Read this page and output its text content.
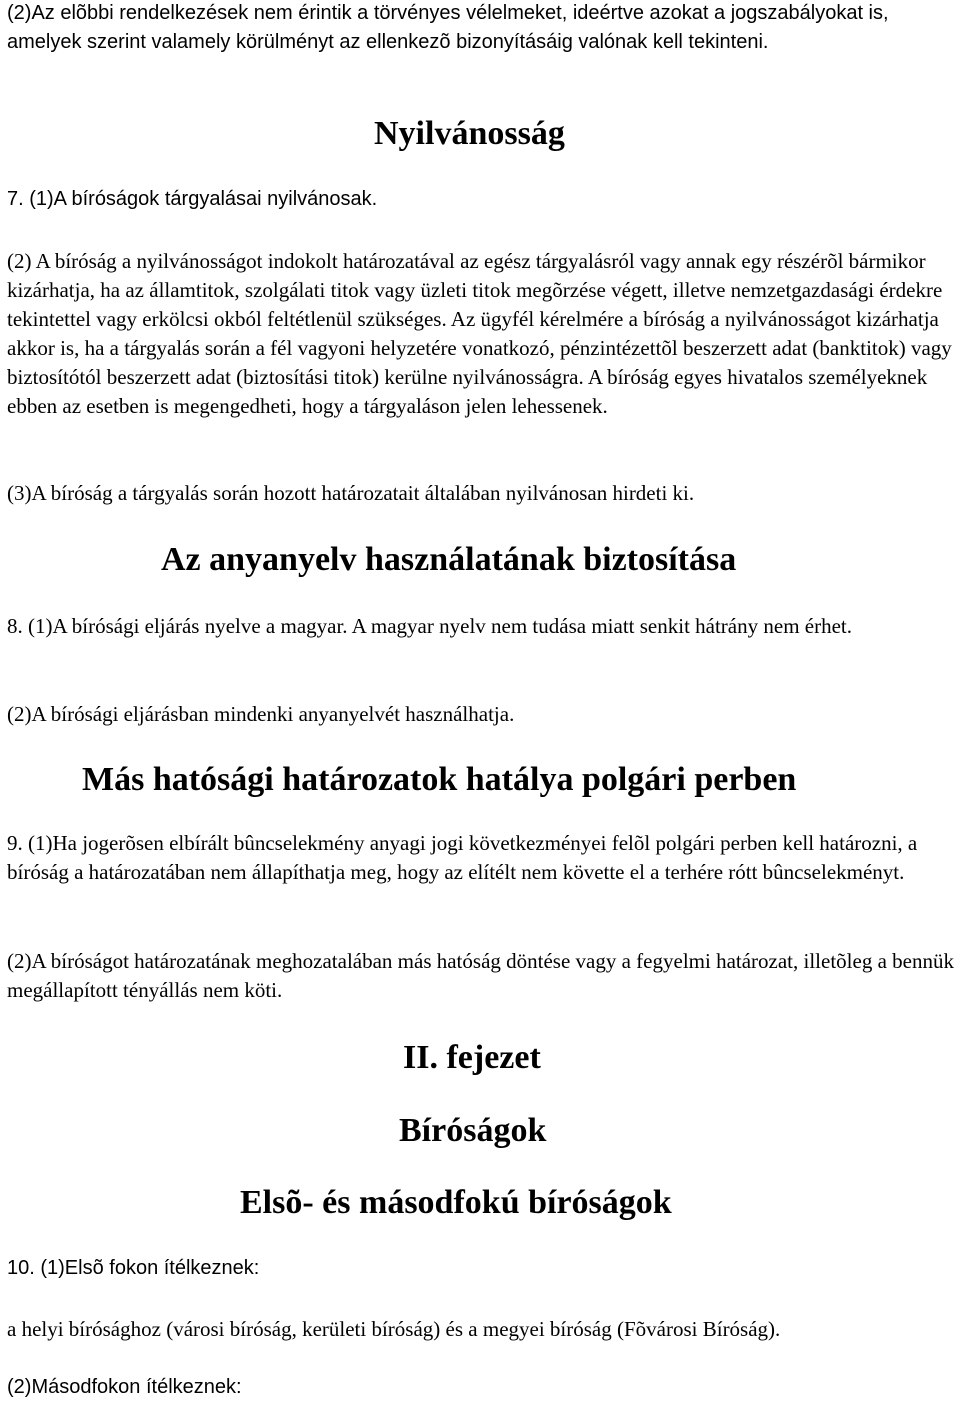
(2)Az elõbbi rendelkezések nem érintik a törvényes vélelmeket, ideértve azokat a jogszabályokat is, amelyek szerint valamely körülményt az ellenkezõ bizonyításáig valónak kell tekinteni.

Nyilvánosság

7. (1)A bíróságok tárgyalásai nyilvánosak.

(2) A bíróság a nyilvánosságot indokolt határozatával az egész tárgyalásról vagy annak egy részérõl bármikor kizárhatja, ha az államtitok, szolgálati titok vagy üzleti titok megõrzése végett, illetve nemzetgazdasági érdekre tekintettel vagy erkölcsi okból feltétlenül szükséges. Az ügyfél kérelmére a bíróság a nyilvánosságot kizárhatja akkor is, ha a tárgyalás során a fél vagyoni helyzetére vonatkozó, pénzintézettõl beszerzett adat (banktitok) vagy biztosítótól beszerzett adat (biztosítási titok) kerülne nyilvánosságra. A bíróság egyes hivatalos személyeknek ebben az esetben is megengedheti, hogy a tárgyaláson jelen lehessenek.

(3)A bíróság a tárgyalás során hozott határozatait általában nyilvánosan hirdeti ki.

Az anyanyelv használatának biztosítása

8. (1)A bírósági eljárás nyelve a magyar. A magyar nyelv nem tudása miatt senkit hátrány nem érhet.

(2)A bírósági eljárásban mindenki anyanyelvét használhatja.

Más hatósági határozatok hatálya polgári perben

9. (1)Ha jogerõsen elbírált bûncselekmény anyagi jogi következményei felõl polgári perben kell határozni, a bíróság a határozatában nem állapíthatja meg, hogy az elítélt nem követte el a terhére rótt bûncselekményt.

(2)A bíróságot határozatának meghozatalában más hatóság döntése vagy a fegyelmi határozat, illetõleg a bennük megállapított tényállás nem köti.

II. fejezet
Bíróságok
Elsõ- és másodfokú bíróságok

10. (1)Elsõ fokon ítélkeznek:

a helyi bírósághoz (városi bíróság, kerületi bíróság) és a megyei bíróság (Fõvárosi Bíróság).

(2)Másodfokon ítélkeznek:
